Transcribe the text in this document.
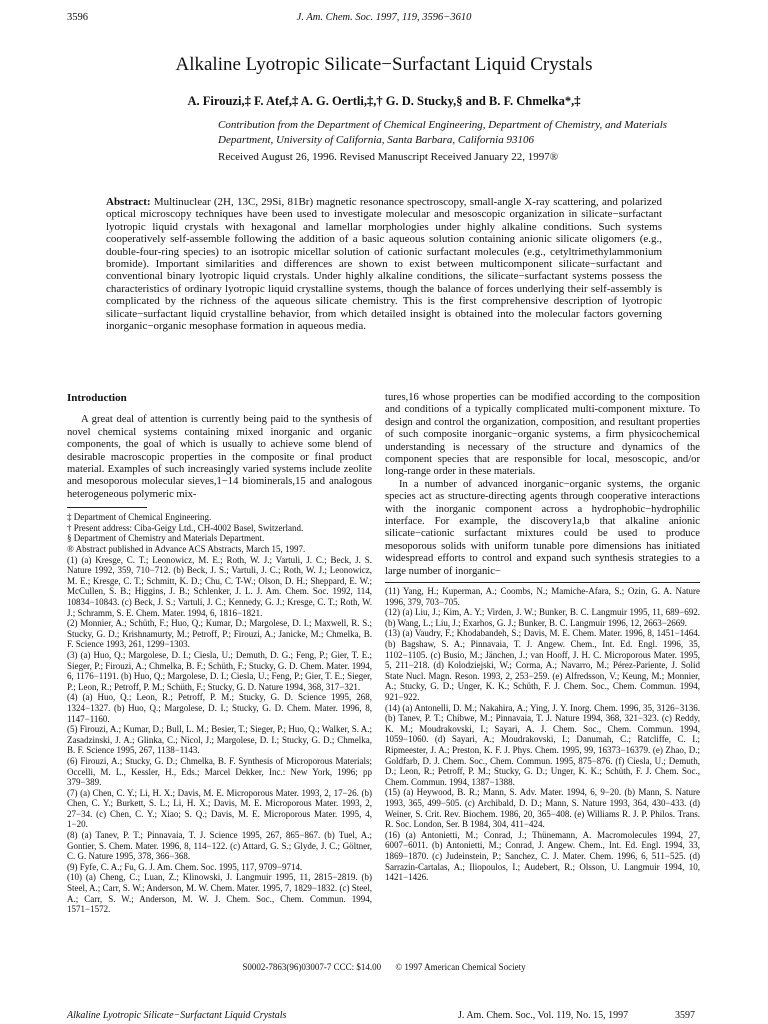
3596	J. Am. Chem. Soc. 1997, 119, 3596−3610
Alkaline Lyotropic Silicate−Surfactant Liquid Crystals
A. Firouzi,‡ F. Atef,‡ A. G. Oertli,‡,† G. D. Stucky,§ and B. F. Chmelka*,‡
Contribution from the Department of Chemical Engineering, Department of Chemistry, and Materials Department, University of California, Santa Barbara, California 93106
Received August 26, 1996. Revised Manuscript Received January 22, 1997®
Abstract: Multinuclear (2H, 13C, 29Si, 81Br) magnetic resonance spectroscopy, small-angle X-ray scattering, and polarized optical microscopy techniques have been used to investigate molecular and mesoscopic organization in silicate−surfactant lyotropic liquid crystals with hexagonal and lamellar morphologies under highly alkaline conditions. Such systems cooperatively self-assemble following the addition of a basic aqueous solution containing anionic silicate oligomers (e.g., double-four-ring species) to an isotropic micellar solution of cationic surfactant molecules (e.g., cetyltrimethylammonium bromide). Important similarities and differences are shown to exist between multicomponent silicate−surfactant and conventional binary lyotropic liquid crystals. Under highly alkaline conditions, the silicate−surfactant systems possess the characteristics of ordinary lyotropic liquid crystalline systems, though the balance of forces underlying their self-assembly is complicated by the richness of the aqueous silicate chemistry. This is the first comprehensive description of lyotropic silicate−surfactant liquid crystalline behavior, from which detailed insight is obtained into the molecular factors governing inorganic−organic mesophase formation in aqueous media.
Introduction

A great deal of attention is currently being paid to the synthesis of novel chemical systems containing mixed inorganic and organic components, the goal of which is usually to achieve some blend of desirable macroscopic properties in the composite or final product material. Examples of such increasingly varied systems include zeolite and mesoporous molecular sieves,1−14 biominerals,15 and analogous heterogeneous polymeric mix-

‡ Department of Chemical Engineering.
† Present address: Ciba-Geigy Ltd., CH-4002 Basel, Switzerland.
§ Department of Chemistry and Materials Department.
® Abstract published in Advance ACS Abstracts, March 15, 1997.
(1) (a) Kresge, C. T.; Leonowicz, M. E.; Roth, W. J.; Vartuli, J. C.; Beck, J. S. Nature 1992, 359, 710−712. (b) Beck, J. S.; Vartuli, J. C.; Roth, W. J.; Leonowicz, M. E.; Kresge, C. T.; Schmitt, K. D.; Chu, C. T-W.; Olson, D. H.; Sheppard, E. W.; McCullen, S. B.; Higgins, J. B.; Schlenker, J. L. J. Am. Chem. Soc. 1992, 114, 10834−10843. (c) Beck, J. S.; Vartuli, J. C.; Kennedy, G. J.; Kresge, C. T.; Roth, W. J.; Schramm, S. E. Chem. Mater. 1994, 6, 1816−1821.
(2) Monnier, A.; Schüth, F.; Huo, Q.; Kumar, D.; Margolese, D. I.; Maxwell, R. S.; Stucky, G. D.; Krishnamurty, M.; Petroff, P.; Firouzi, A.; Janicke, M.; Chmelka, B. F. Science 1993, 261, 1299−1303.
(3) (a) Huo, Q.; Margolese, D. I.; Ciesla, U.; Demuth, D. G.; Feng, P.; Gier, T. E.; Sieger, P.; Firouzi, A.; Chmelka, B. F.; Schüth, F.; Stucky, G. D. Chem. Mater. 1994, 6, 1176−1191. (b) Huo, Q.; Margolese, D. I.; Ciesla, U.; Feng, P.; Gier, T. E.; Sieger, P.; Leon, R.; Petroff, P. M.; Schüth, F.; Stucky, G. D. Nature 1994, 368, 317−321.
(4) (a) Huo, Q.; Leon, R.; Petroff, P. M.; Stucky, G. D. Science 1995, 268, 1324−1327. (b) Huo, Q.; Margolese, D. I.; Stucky, G. D. Chem. Mater. 1996, 8, 1147−1160.
(5) Firouzi, A.; Kumar, D.; Bull, L. M.; Besier, T.; Sieger, P.; Huo, Q.; Walker, S. A.; Zasadzinski, J. A.; Glinka, C.; Nicol, J.; Margolese, D. I.; Stucky, G. D.; Chmelka, B. F. Science 1995, 267, 1138−1143.
(6) Firouzi, A.; Stucky, G. D.; Chmelka, B. F. Synthesis of Microporous Materials; Occelli, M. L., Kessler, H., Eds.; Marcel Dekker, Inc.: New York, 1996; pp 379−389.
(7) (a) Chen, C. Y.; Li, H. X.; Davis, M. E. Microporous Mater. 1993, 2, 17−26. (b) Chen, C. Y.; Burkett, S. L.; Li, H. X.; Davis, M. E. Microporous Mater. 1993, 2, 27−34. (c) Chen, C. Y.; Xiao; S. Q.; Davis, M. E. Microporous Mater. 1995, 4, 1−20.
(8) (a) Tanev, P. T.; Pinnavaia, T. J. Science 1995, 267, 865−867. (b) Tuel, A.; Gontier, S. Chem. Mater. 1996, 8, 114−122. (c) Attard, G. S.; Glyde, J. C.; Göltner, C. G. Nature 1995, 378, 366−368.
(9) Fyfe, C. A.; Fu, G. J. Am. Chem. Soc. 1995, 117, 9709−9714.
(10) (a) Cheng, C.; Luan, Z.; Klinowski, J. Langmuir 1995, 11, 2815−2819. (b) Steel, A.; Carr, S. W.; Anderson, M. W. Chem. Mater. 1995, 7, 1829−1832. (c) Steel, A.; Carr, S. W.; Anderson, M. W. J. Chem. Soc., Chem. Commun. 1994, 1571−1572.

tures,16 whose properties can be modified according to the composition and conditions of a typically complicated multi-component mixture. To design and control the organization, composition, and resultant properties of such composite inorganic−organic systems, a firm physicochemical understanding is necessary of the structure and dynamics of the component species that are responsible for local, mesoscopic, and/or long-range order in these materials.

In a number of advanced inorganic−organic systems, the organic species act as structure-directing agents through cooperative interactions with the inorganic component across a hydrophobic−hydrophilic interface. For example, the discovery1a,b that alkaline anionic silicate−cationic surfactant mixtures could be used to produce mesoporous solids with uniform tunable pore dimensions has initiated widespread efforts to control and expand such synthesis strategies to a large number of inorganic−

(11) Yang, H.; Kuperman, A.; Coombs, N.; Mamiche-Afara, S.; Ozin, G. A. Nature 1996, 379, 703−705.
(12) (a) Liu, J.; Kim, A. Y.; Virden, J. W.; Bunker, B. C. Langmuir 1995, 11, 689−692. (b) Wang, L.; Liu, J.; Exarhos, G. J.; Bunker, B. C. Langmuir 1996, 12, 2663−2669.
(13) (a) Vaudry, F.; Khodabandeh, S.; Davis, M. E. Chem. Mater. 1996, 8, 1451−1464. (b) Bagshaw, S. A.; Pinnavaia, T. J. Angew. Chem., Int. Ed. Engl. 1996, 35, 1102−1105. (c) Busio, M.; Jänchen, J.; van Hooff, J. H. C. Microporous Mater. 1995, 5, 211−218. (d) Kolodziejski, W.; Corma, A.; Navarro, M.; Pérez-Pariente, J. Solid State Nucl. Magn. Reson. 1993, 2, 253−259. (e) Alfredsson, V.; Keung, M.; Monnier, A.; Stucky, G. D.; Unger, K. K.; Schüth, F. J. Chem. Soc., Chem. Commun. 1994, 921−922.
(14) (a) Antonelli, D. M.; Nakahira, A.; Ying, J. Y. Inorg. Chem. 1996, 35, 3126−3136. (b) Tanev, P. T.; Chibwe, M.; Pinnavaia, T. J. Nature 1994, 368, 321−323. (c) Reddy, K. M.; Moudrakovski, I.; Sayari, A. J. Chem. Soc., Chem. Commun. 1994, 1059−1060. (d) Sayari, A.; Moudrakovski, I.; Danumah, C.; Ratcliffe, C. I.; Ripmeester, J. A.; Preston, K. F. J. Phys. Chem. 1995, 99, 16373−16379. (e) Zhao, D.; Goldfarb, D. J. Chem. Soc., Chem. Commun. 1995, 875−876. (f) Ciesla, U.; Demuth, D.; Leon, R.; Petroff, P. M.; Stucky, G. D.; Unger, K. K.; Schüth, F. J. Chem. Soc., Chem. Commun. 1994, 1387−1388.
(15) (a) Heywood, B. R.; Mann, S. Adv. Mater. 1994, 6, 9−20. (b) Mann, S. Nature 1993, 365, 499−505. (c) Archibald, D. D.; Mann, S. Nature 1993, 364, 430−433. (d) Weiner, S. Crit. Rev. Biochem. 1986, 20, 365−408. (e) Williams R. J. P. Philos. Trans. R. Soc. London, Ser. B 1984, 304, 411−424.
(16) (a) Antonietti, M.; Conrad, J.; Thünemann, A. Macromolecules 1994, 27, 6007−6011. (b) Antonietti, M.; Conrad, J. Angew. Chem., Int. Ed. Engl. 1994, 33, 1869−1870. (c) Judeinstein, P.; Sanchez, C. J. Mater. Chem. 1996, 6, 511−525. (d) Sarrazin-Cartalas, A.; Iliopoulos, I.; Audebert, R.; Olsson, U. Langmuir 1994, 10, 1421−1426.
S0002-7863(96)03007-7 CCC: $14.00 © 1997 American Chemical Society
Alkaline Lyotropic Silicate−Surfactant Liquid Crystals	J. Am. Chem. Soc., Vol. 119, No. 15, 1997	3597
